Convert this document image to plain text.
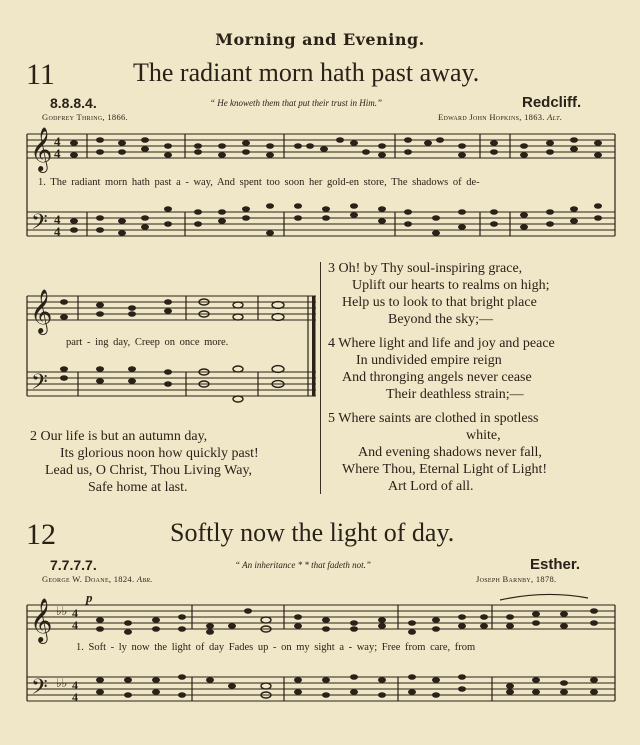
Morning and Evening.
11	The radiant morn hath past away.
8.8.8.4.	“ He knoweth them that put their trust in Him.”	Redcliff.
Godfrey Thring, 1866.	Edward John Hopkins, 1863. Alt.
𝄞
𝄢
4
4
4
4
1. The radiant morn hath past a - way, And spent too soon her gold-en store, The shadows of de-
𝄞
𝄢
part - ing day, Creep on once more.
2 Our life is but an autumn day,
Its glorious noon how quickly past!
Lead us, O Christ, Thou Living Way,
Safe home at last.
3 Oh! by Thy soul-inspiring grace,
Uplift our hearts to realms on high;
Help us to look to that bright place
Beyond the sky;—
4 Where light and life and joy and peace
In undivided empire reign
And thronging angels never cease
Their deathless strain;—
5 Where saints are clothed in spotless
white,
And evening shadows never fall,
Where Thou, Eternal Light of Light!
Art Lord of all.
12	Softly now the light of day.
7.7.7.7.	“ An inheritance * * that fadeth not.”	Esther.
George W. Doane, 1824. Abr.	Joseph Barnby, 1878.
𝄞
𝄢
♭♭
♭♭
4
4
4
4
p
1. Soft - ly now the light of day Fades up - on my sight a - way; Free from care, from
